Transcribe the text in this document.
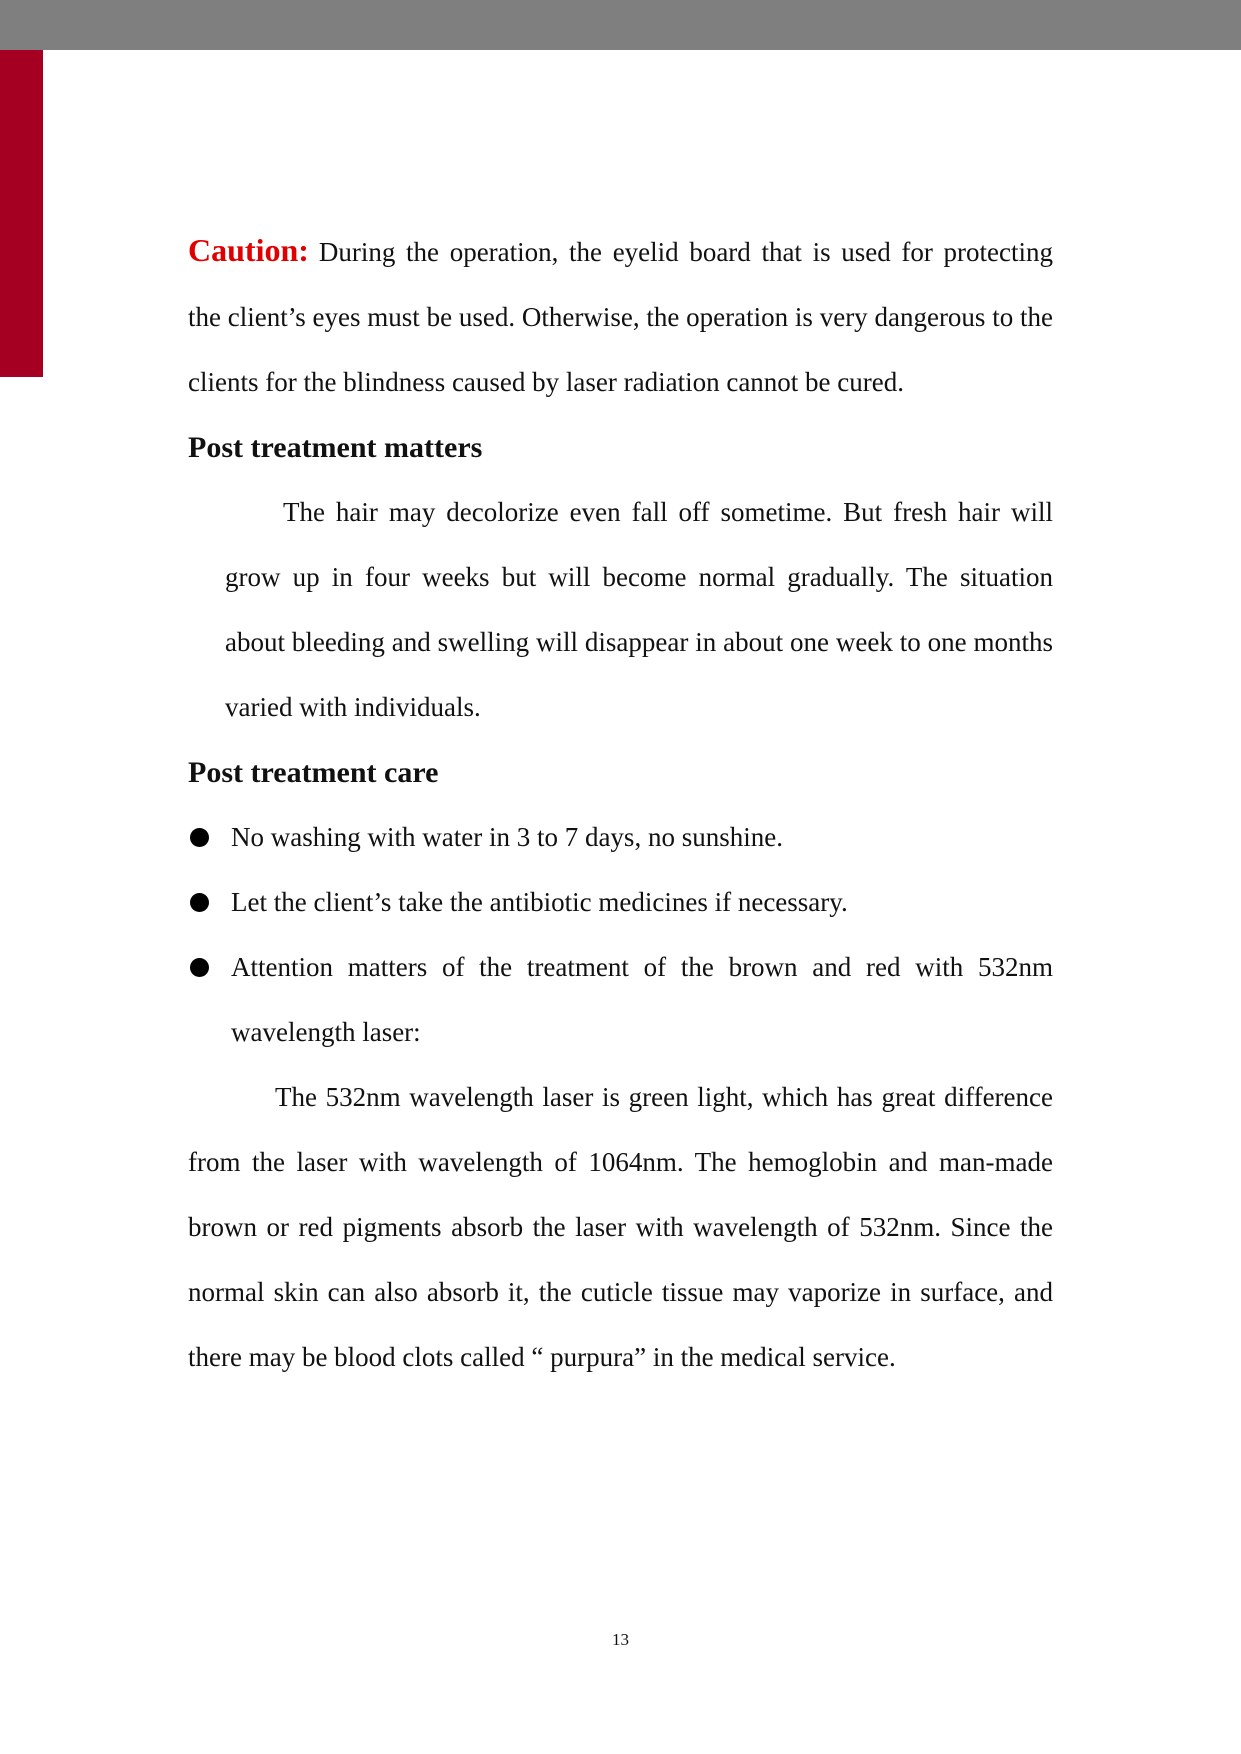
Caution: During the operation, the eyelid board that is used for protecting the client’s eyes must be used. Otherwise, the operation is very dangerous to the clients for the blindness caused by laser radiation cannot be cured.

Post treatment matters

The hair may decolorize even fall off sometime. But fresh hair will grow up in four weeks but will become normal gradually. The situation about bleeding and swelling will disappear in about one week to one months varied with individuals.

Post treatment care
No washing with water in 3 to 7 days, no sunshine.
Let the client’s take the antibiotic medicines if necessary.
Attention matters of the treatment of the brown and red with 532nm wavelength laser:

The 532nm wavelength laser is green light, which has great difference from the laser with wavelength of 1064nm. The hemoglobin and man-made brown or red pigments absorb the laser with wavelength of 532nm. Since the normal skin can also absorb it, the cuticle tissue may vaporize in surface, and there may be blood clots called “ purpura” in the medical service.

13
